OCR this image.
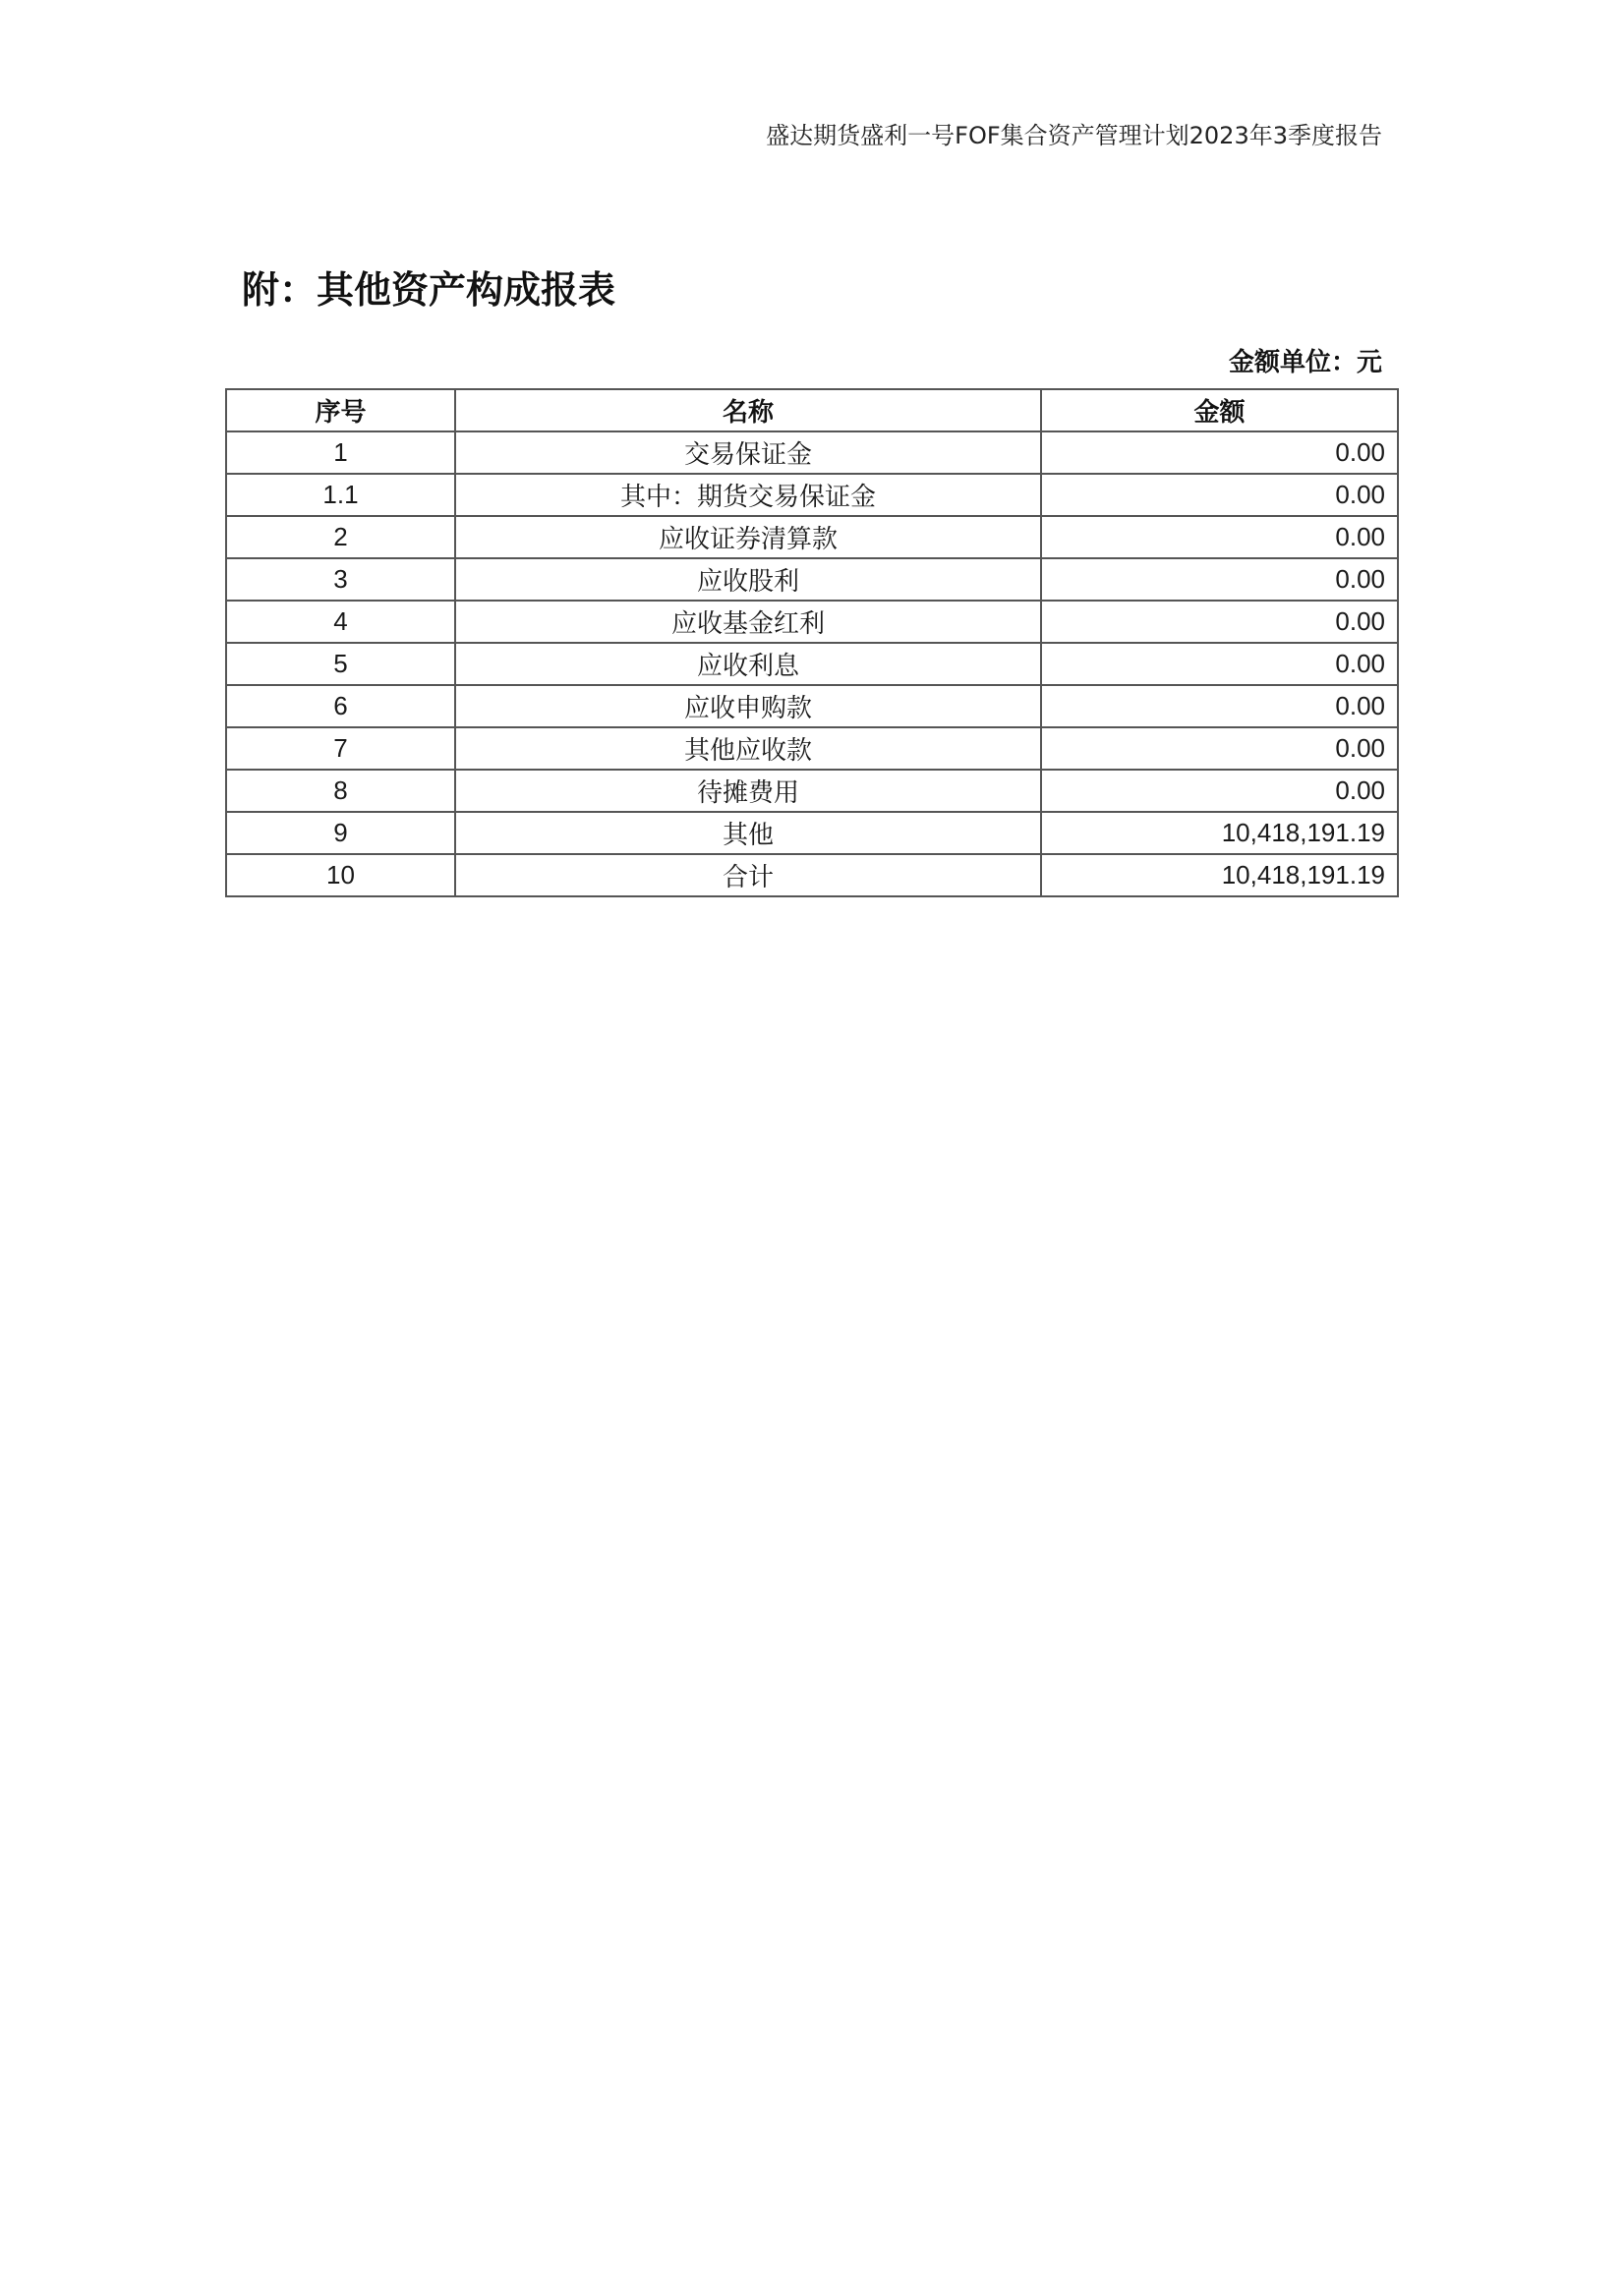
盛达期货盛利一号FOF集合资产管理计划2023年3季度报告
附：其他资产构成报表
金额单位：元
序号	名称	金额
1	交易保证金	0.00
1.1	其中：期货交易保证金	0.00
2	应收证券清算款	0.00
3	应收股利	0.00
4	应收基金红利	0.00
5	应收利息	0.00
6	应收申购款	0.00
7	其他应收款	0.00
8	待摊费用	0.00
9	其他	10,418,191.19
10	合计	10,418,191.19
